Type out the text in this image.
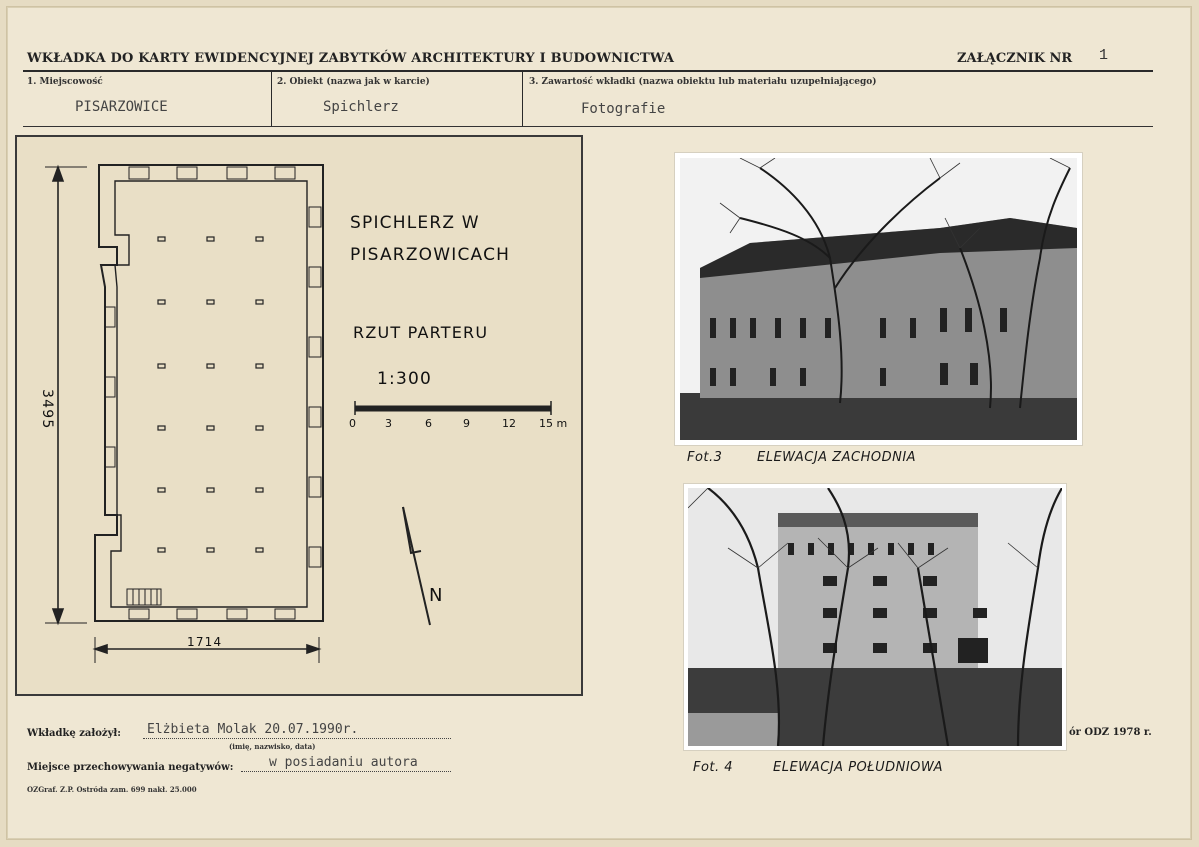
WKŁADKA DO KARTY EWIDENCYJNEJ ZABYTKÓW ARCHITEKTURY I BUDOWNICTWA	ZAŁĄCZNIK NR 1
1. Miejscowość
PISARZOWICE
2. Obiekt (nazwa jak w karcie)
Spichlerz
3. Zawartość wkładki (nazwa obiektu lub materiału uzupełniającego)
Fotografie
3495
1714
SPICHLERZ W
PISARZOWICACH
RZUT PARTERU
1:300
0	3	6	9	12 15 m
N
Fot.3	ELEWACJA ZACHODNIA
Fot. 4	ELEWACJA POŁUDNIOWA
Wkładkę założył: Elżbieta Molak 20.07.1990r.
(imię, nazwisko, data)
Miejsce przechowywania negatywów:	w posiadaniu autora
OZGraf. Z.P. Ostróda zam. 699 nakł. 25.000
ór ODZ 1978 r.
